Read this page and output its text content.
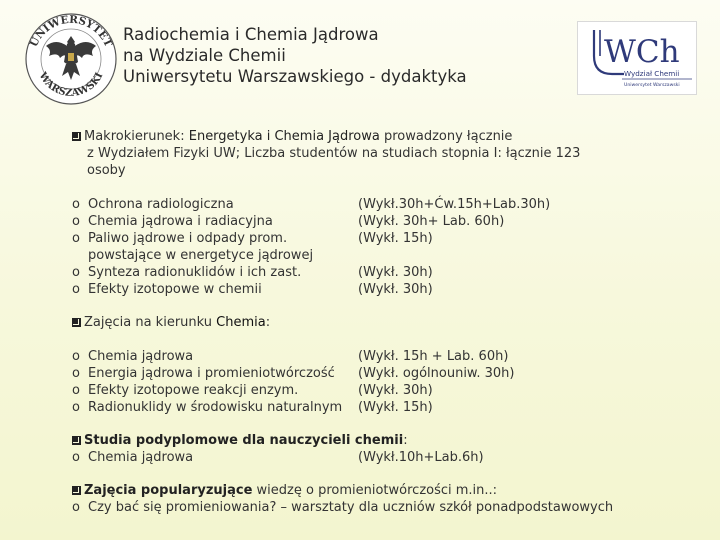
UNIWERSYTET
WARSZAWSKI
Radiochemia i Chemia Jądrowa
na Wydziale Chemii
Uniwersytetu Warszawskiego - dydaktyka
WCh
Wydział Chemii
Uniwersytet Warszawski
Makrokierunek: Energetyka i Chemia Jądrowa prowadzony łącznie
z Wydziałem Fizyki UW; Liczba studentów na studiach stopnia I: łącznie 123
osoby
o Ochrona radiologiczna	(Wykł.30h+Ćw.15h+Lab.30h)
o Chemia jądrowa i radiacyjna	(Wykł. 30h+ Lab. 60h)
o Paliwo jądrowe i odpady prom.	(Wykł. 15h)
powstające w energetyce jądrowej
o Synteza radionuklidów i ich zast.	(Wykł. 30h)
o Efekty izotopowe w chemii	(Wykł. 30h)
Zajęcia na kierunku Chemia:
o Chemia jądrowa	(Wykł. 15h + Lab. 60h)
o Energia jądrowa i promieniotwórczość (Wykł. ogólnouniw. 30h)
o Efekty izotopowe reakcji enzym.	(Wykł. 30h)
o Radionuklidy w środowisku naturalnym (Wykł. 15h)
Studia podyplomowe dla nauczycieli chemii:
o Chemia jądrowa	(Wykł.10h+Lab.6h)
Zajęcia popularyzujące wiedzę o promieniotwórczości m.in..:
o Czy bać się promieniowania? – warsztaty dla uczniów szkół ponadpodstawowych
